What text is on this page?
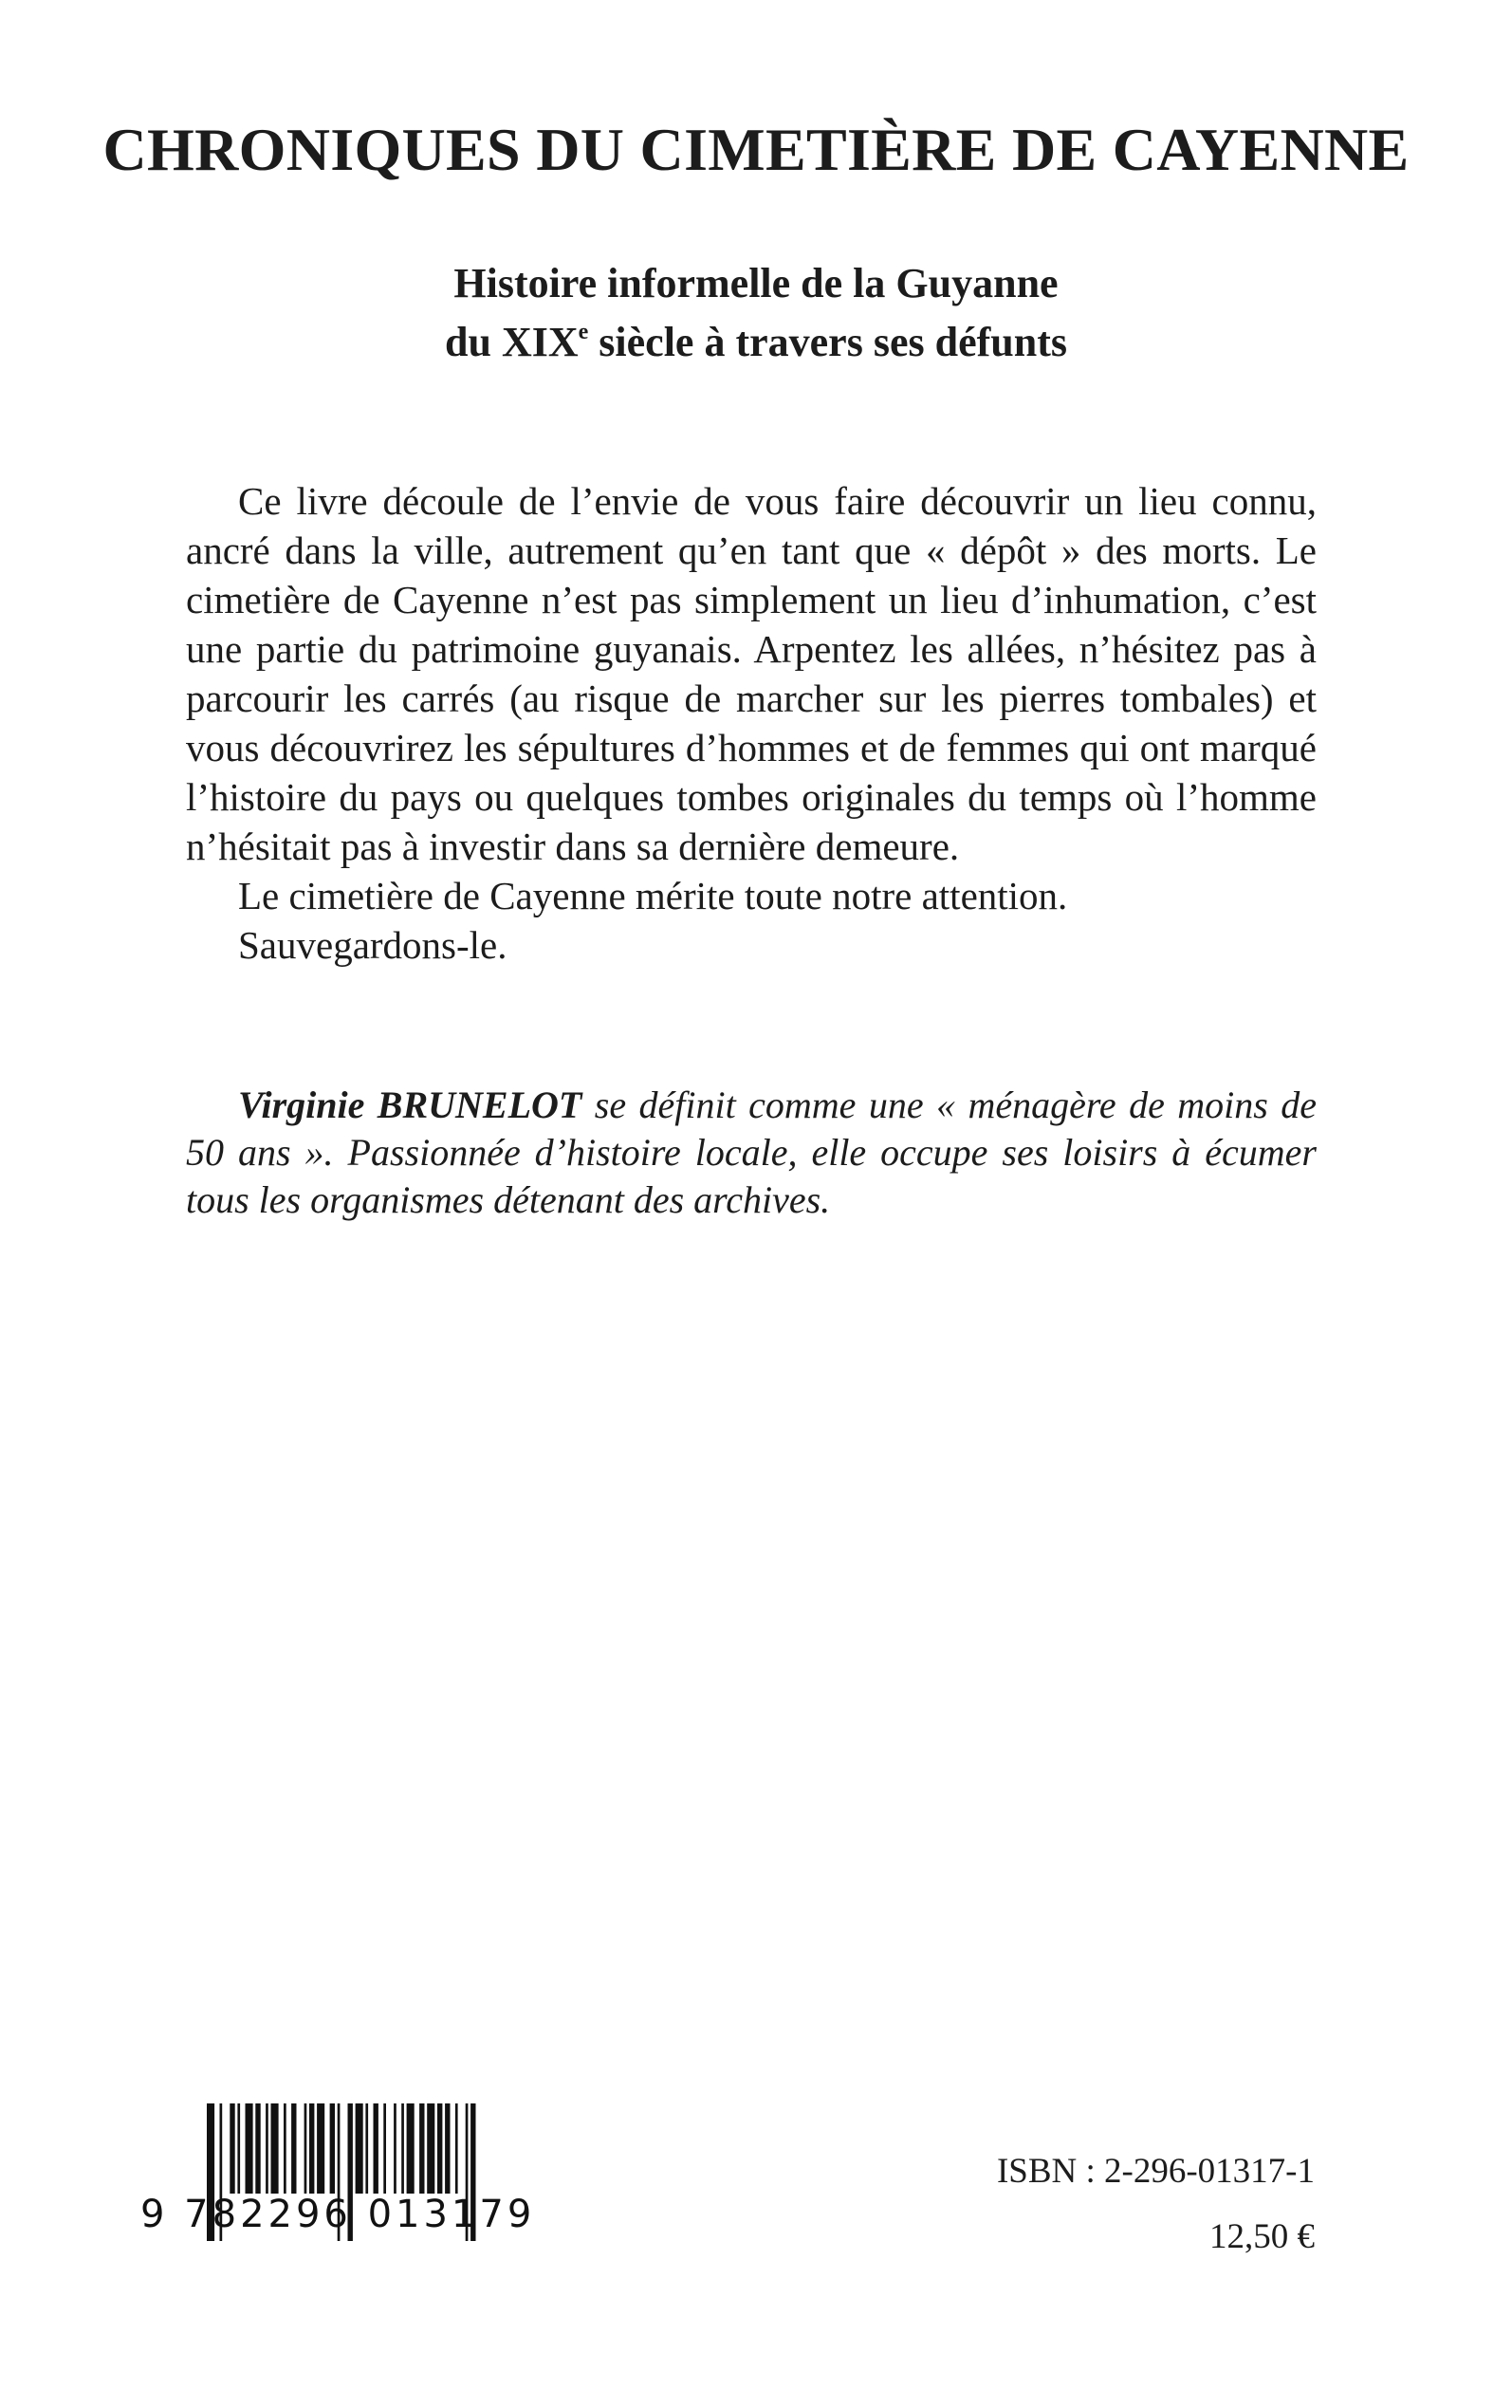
CHRONIQUES DU CIMETIÈRE DE CAYENNE
Histoire informelle de la Guyanne
du XIXe siècle à travers ses défunts

Ce livre découle de l’envie de vous faire découvrir un lieu connu, ancré dans la ville, autrement qu’en tant que « dépôt » des morts. Le cimetière de Cayenne n’est pas simplement un lieu d’inhumation, c’est une partie du patrimoine guyanais. Arpentez les allées, n’hésitez pas à parcourir les carrés (au risque de marcher sur les pierres tombales) et vous découvrirez les sépultures d’hommes et de femmes qui ont marqué l’histoire du pays ou quelques tombes originales du temps où l’homme n’hésitait pas à investir dans sa dernière demeure.

Le cimetière de Cayenne mérite toute notre attention.

Sauvegardons-le.

Virginie BRUNELOT se définit comme une « ménagère de moins de 50 ans ». Passionnée d’histoire locale, elle occupe ses loisirs à écumer tous les organismes détenant des archives.

9 782296 013179

ISBN : 2-296-01317-1

12,50 €
